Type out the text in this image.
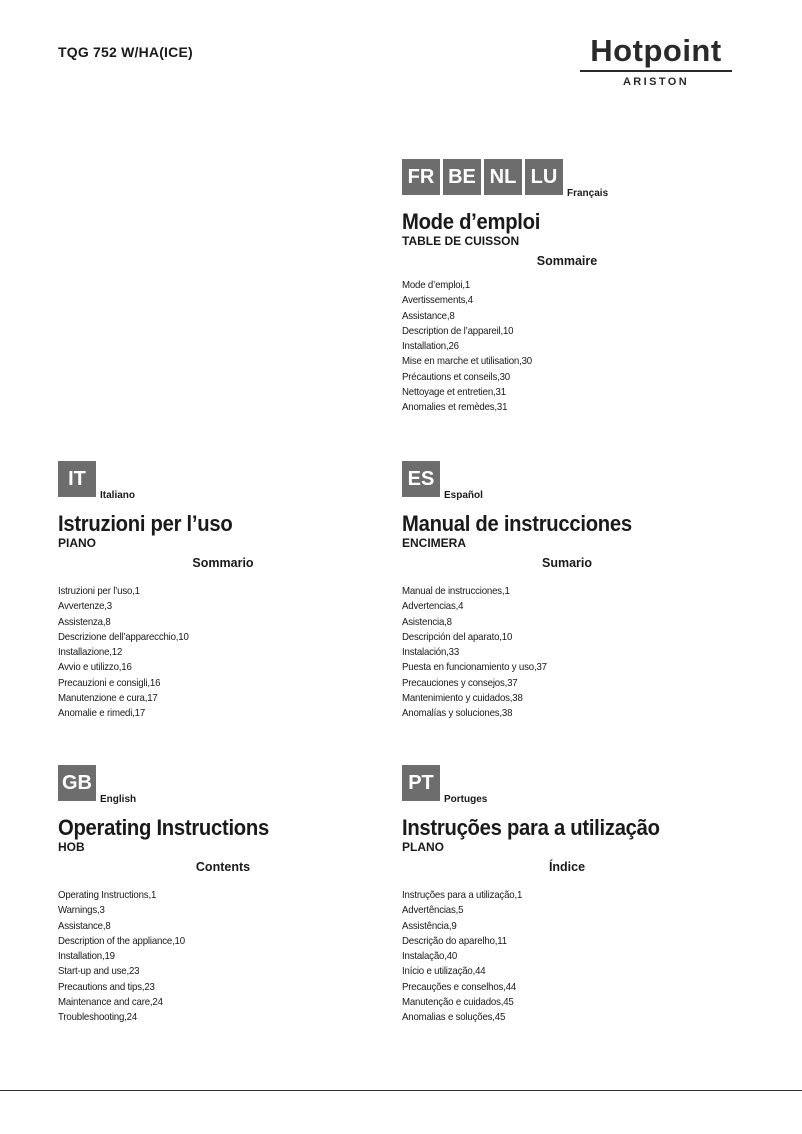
TQG 752 W/HA(ICE)	Hotpoint
ARISTON
FR BE NL LU
Français
Mode d’emploi
TABLE DE CUISSON
Sommaire
Mode d’emploi,1
Avertissements,4
Assistance,8
Description de l’appareil,10
Installation,26
Mise en marche et utilisation,30
Précautions et conseils,30
Nettoyage et entretien,31
Anomalies et remèdes,31
IT
Italiano
Istruzioni per l’uso
PIANO
Sommario
Istruzioni per l’uso,1
Avvertenze,3
Assistenza,8
Descrizione dell’apparecchio,10
Installazione,12
Avvio e utilizzo,16
Precauzioni e consigli,16
Manutenzione e cura,17
Anomalie e rimedi,17
ES
Español
Manual de instrucciones
ENCIMERA
Sumario
Manual de instrucciones,1
Advertencias,4
Asistencia,8
Descripción del aparato,10
Instalación,33
Puesta en funcionamiento y uso,37
Precauciones y consejos,37
Mantenimiento y cuidados,38
Anomalías y soluciones,38
GB
English
Operating Instructions
HOB
Contents
Operating Instructions,1
Warnings,3
Assistance,8
Description of the appliance,10
Installation,19
Start-up and use,23
Precautions and tips,23
Maintenance and care,24
Troubleshooting,24
PT
Portuges
Instruções para a utilização
PLANO
Índice
Instruções para a utilização,1
Advertências,5
Assistência,9
Descrição do aparelho,11
Instalação,40
Início e utilização,44
Precauções e conselhos,44
Manutenção e cuidados,45
Anomalias e soluções,45
